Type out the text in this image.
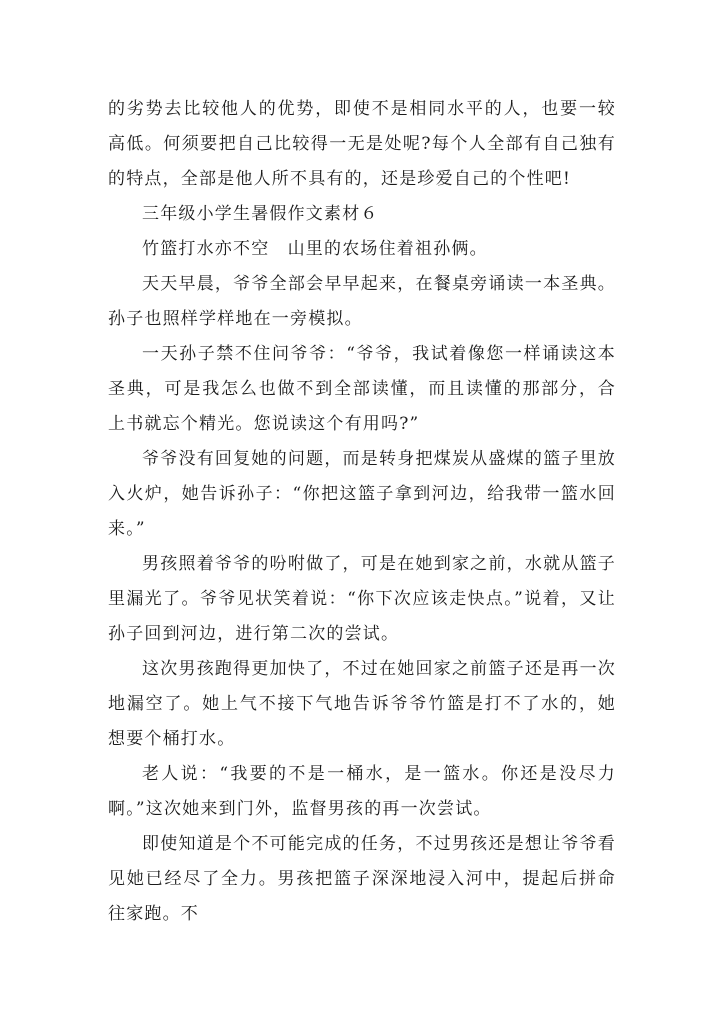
的劣势去比较他人的优势，即使不是相同水平的人，也要一较高低。何须要把自己比较得一无是处呢?每个人全部有自己独有的特点，全部是他人所不具有的，还是珍爱自己的个性吧!

三年级小学生暑假作文素材６

竹篮打水亦不空　山里的农场住着祖孙俩。

天天早晨，爷爷全部会早早起来，在餐桌旁诵读一本圣典。孙子也照样学样地在一旁模拟。

一天孙子禁不住问爷爷：“爷爷，我试着像您一样诵读这本圣典，可是我怎么也做不到全部读懂，而且读懂的那部分，合上书就忘个精光。您说读这个有用吗?”

爷爷没有回复她的问题，而是转身把煤炭从盛煤的篮子里放入火炉，她告诉孙子：“你把这篮子拿到河边，给我带一篮水回来。”

男孩照着爷爷的吩咐做了，可是在她到家之前，水就从篮子里漏光了。爷爷见状笑着说：“你下次应该走快点。”说着，又让孙子回到河边，进行第二次的尝试。

这次男孩跑得更加快了，不过在她回家之前篮子还是再一次地漏空了。她上气不接下气地告诉爷爷竹篮是打不了水的，她想要个桶打水。

老人说：“我要的不是一桶水，是一篮水。你还是没尽力啊。”这次她来到门外，监督男孩的再一次尝试。

即使知道是个不可能完成的任务，不过男孩还是想让爷爷看见她已经尽了全力。男孩把篮子深深地浸入河中，提起后拼命往家跑。不
